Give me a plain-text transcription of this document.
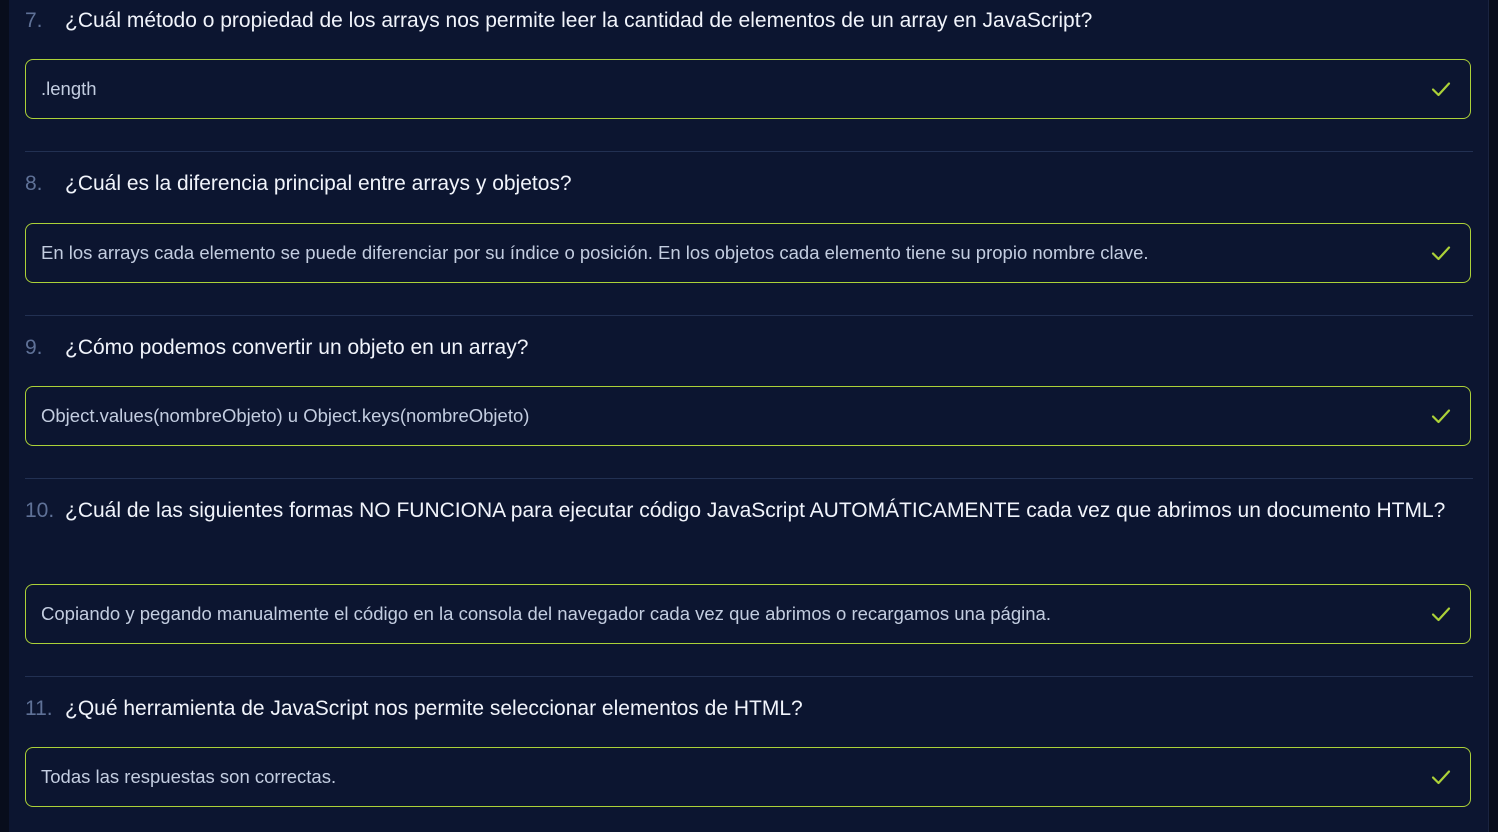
7.	¿Cuál método o propiedad de los arrays nos permite leer la cantidad de elementos de un array en JavaScript?
.length
8.	¿Cuál es la diferencia principal entre arrays y objetos?
En los arrays cada elemento se puede diferenciar por su índice o posición. En los objetos cada elemento tiene su propio nombre clave.
9.	¿Cómo podemos convertir un objeto en un array?
Object.values(nombreObjeto) u Object.keys(nombreObjeto)
10. ¿Cuál de las siguientes formas NO FUNCIONA para ejecutar código JavaScript AUTOMÁTICAMENTE cada vez que abrimos un documento HTML?
Copiando y pegando manualmente el código en la consola del navegador cada vez que abrimos o recargamos una página.
11. ¿Qué herramienta de JavaScript nos permite seleccionar elementos de HTML?
Todas las respuestas son correctas.
